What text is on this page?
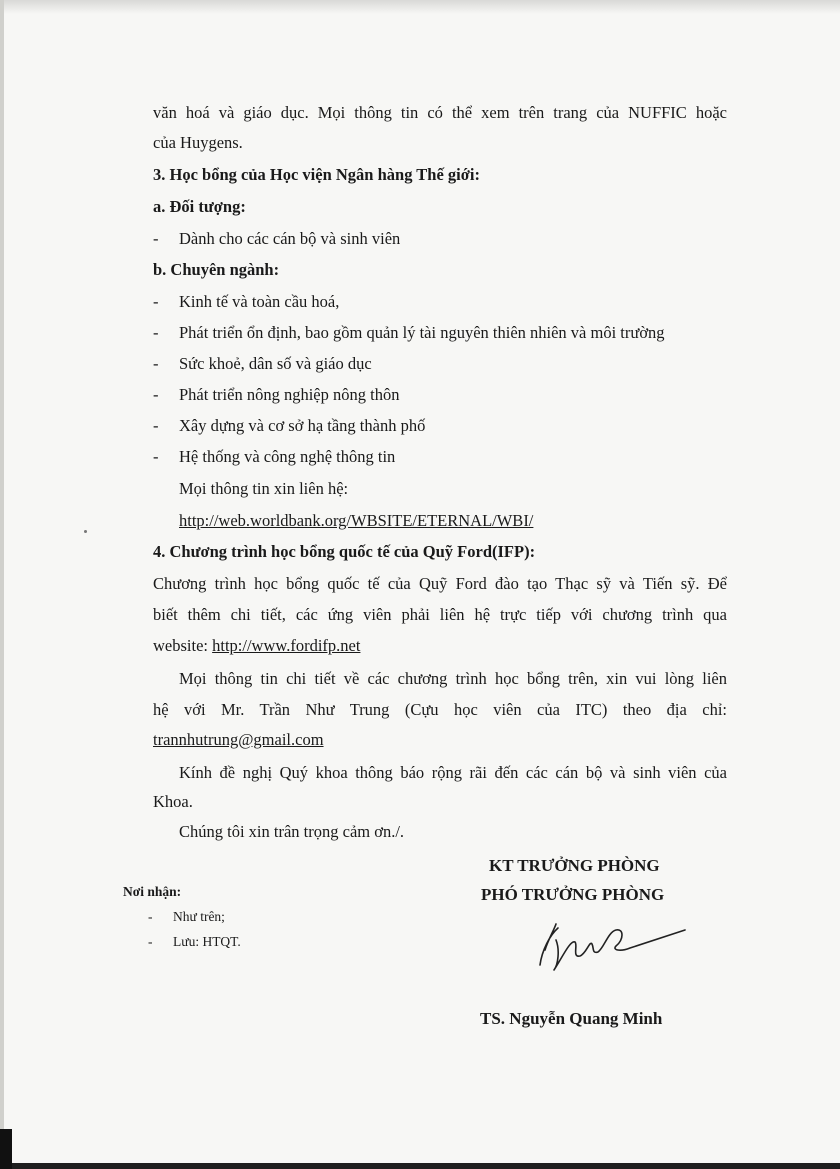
văn hoá và giáo dục. Mọi thông tin có thể xem trên trang của NUFFIC hoặc
của Huygens.
3. Học bổng của Học viện Ngân hàng Thế giới:
a. Đối tượng:
- Dành cho các cán bộ và sinh viên
b. Chuyên ngành:
- Kinh tế và toàn cầu hoá,
- Phát triển ổn định, bao gồm quản lý tài nguyên thiên nhiên và môi trường
- Sức khoẻ, dân số và giáo dục
- Phát triển nông nghiệp nông thôn
- Xây dựng và cơ sở hạ tầng thành phố
- Hệ thống và công nghệ thông tin
Mọi thông tin xin liên hệ:
http://web.worldbank.org/WBSITE/ETERNAL/WBI/
4. Chương trình học bổng quốc tế của Quỹ Ford(IFP):
Chương trình học bổng quốc tế của Quỹ Ford đào tạo Thạc sỹ và Tiến sỹ. Để
biết thêm chi tiết, các ứng viên phải liên hệ trực tiếp với chương trình qua
website: http://www.fordifp.net
Mọi thông tin chi tiết về các chương trình học bổng trên, xin vui lòng liên
hệ với Mr. Trần Như Trung (Cựu học viên của ITC) theo địa chỉ:
trannhutrung@gmail.com
Kính đề nghị Quý khoa thông báo rộng rãi đến các cán bộ và sinh viên của
Khoa.
Chúng tôi xin trân trọng cảm ơn./.
KT TRƯỞNG PHÒNG
PHÓ TRƯỞNG PHÒNG
TS. Nguyễn Quang Minh
Nơi nhận:
- Như trên;
- Lưu: HTQT.
